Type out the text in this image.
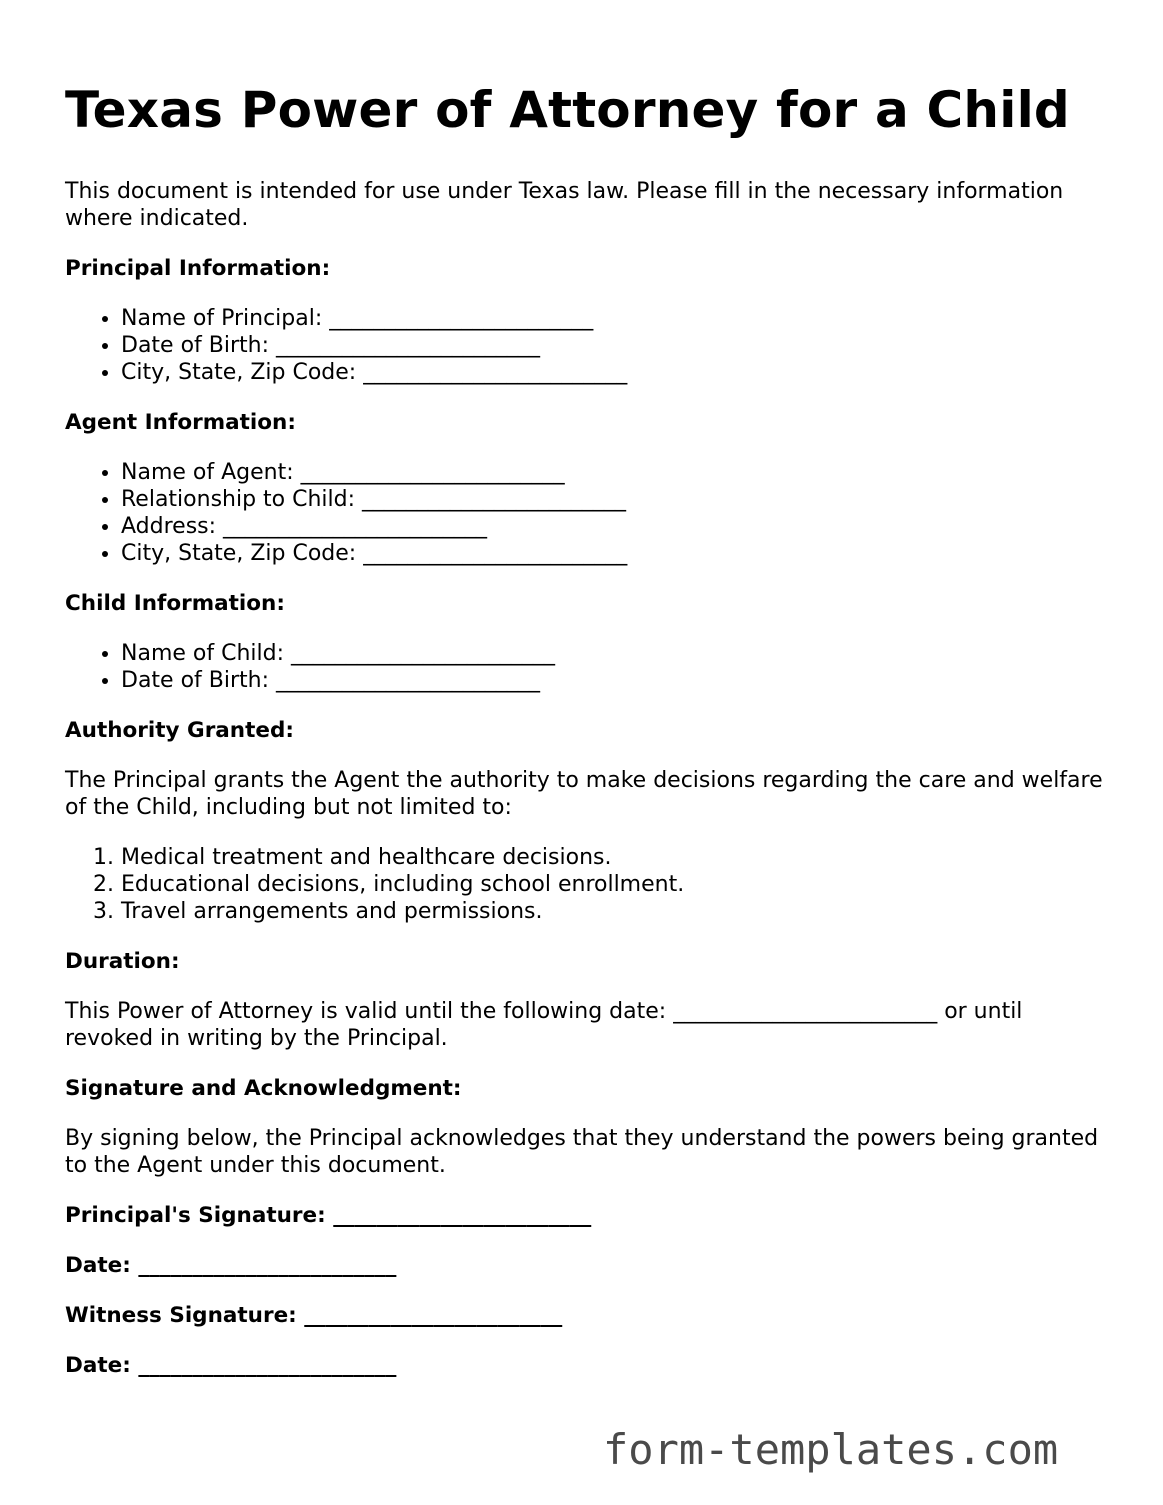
Texas Power of Attorney for a Child

This document is intended for use under Texas law. Please fill in the necessary information where indicated.

Principal Information:
• Name of Principal: ________________________
• Date of Birth: ________________________
• City, State, Zip Code: ________________________
Agent Information:
• Name of Agent: ________________________
• Relationship to Child: ________________________
• Address: ________________________
• City, State, Zip Code: ________________________
Child Information:
• Name of Child: ________________________
• Date of Birth: ________________________
Authority Granted:

The Principal grants the Agent the authority to make decisions regarding the care and welfare of the Child, including but not limited to:

1. Medical treatment and healthcare decisions.
2. Educational decisions, including school enrollment.
3. Travel arrangements and permissions.
Duration:

This Power of Attorney is valid until the following date: ________________________ or until revoked in writing by the Principal.

Signature and Acknowledgment:

By signing below, the Principal acknowledges that they understand the powers being granted to the Agent under this document.

Principal's Signature: ________________________
Date: ________________________
Witness Signature: ________________________
Date: ________________________
form-templates.com
